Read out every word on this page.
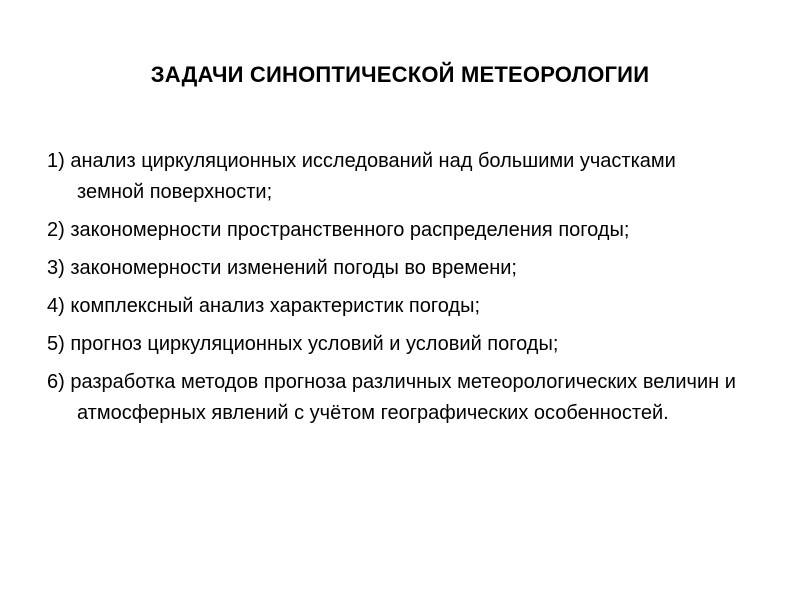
ЗАДАЧИ СИНОПТИЧЕСКОЙ МЕТЕОРОЛОГИИ
1) анализ циркуляционных исследований над большими участками земной поверхности;
2) закономерности пространственного распределения погоды;
3) закономерности изменений погоды во времени;
4) комплексный анализ характеристик погоды;
5) прогноз циркуляционных условий и условий погоды;
6) разработка методов прогноза различных метеорологических величин и атмосферных явлений с учётом географических особенностей.
